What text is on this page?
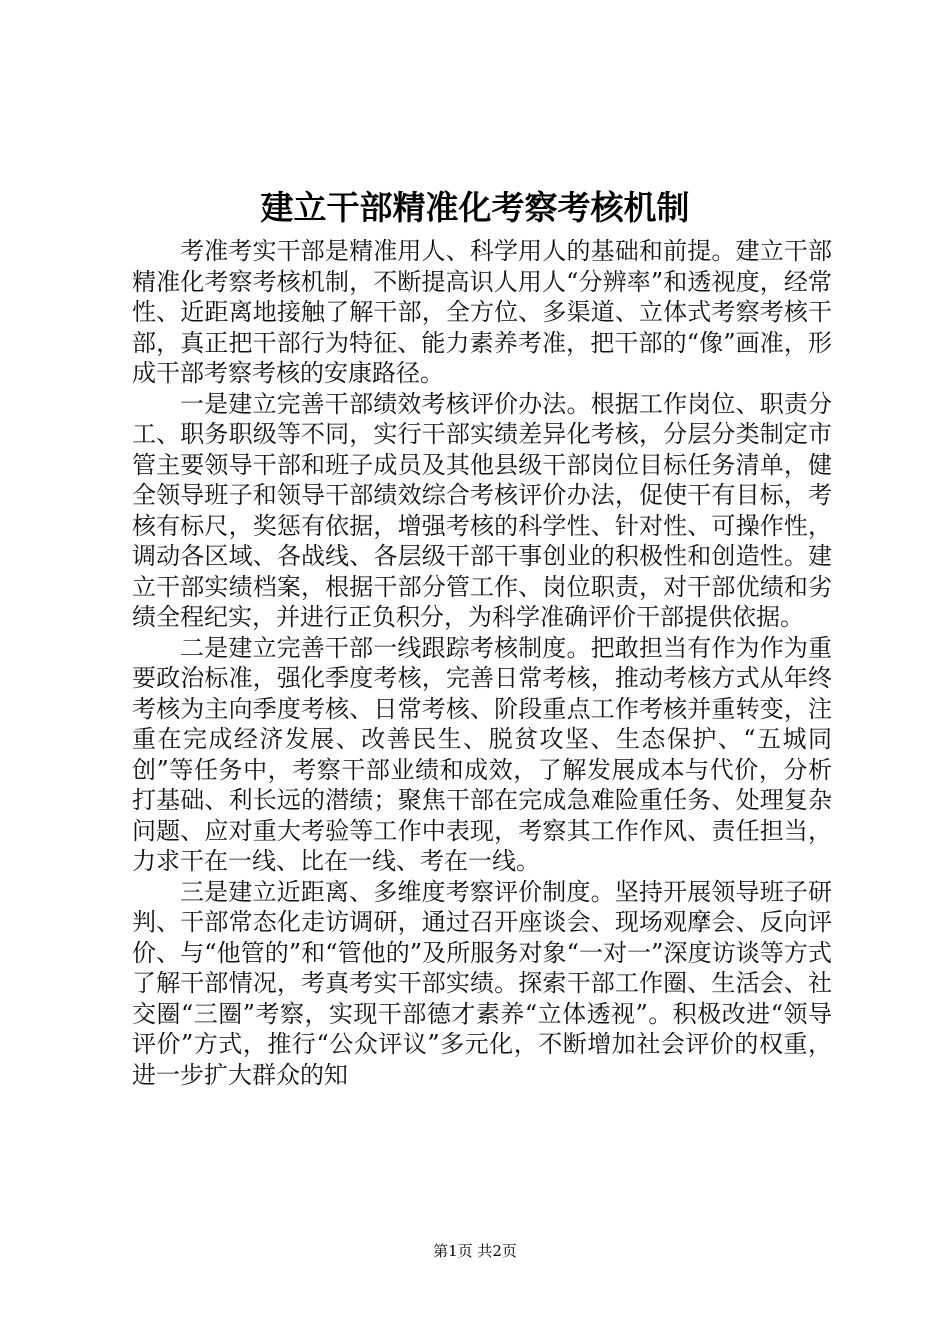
建立干部精准化考察考核机制

考准考实干部是精准用人、科学用人的基础和前提。建立干部精准化考察考核机制，不断提高识人用人“分辨率”和透视度，经常性、近距离地接触了解干部，全方位、多渠道、立体式考察考核干部，真正把干部行为特征、能力素养考准，把干部的“像”画准，形成干部考察考核的安康路径。

一是建立完善干部绩效考核评价办法。根据工作岗位、职责分工、职务职级等不同，实行干部实绩差异化考核，分层分类制定市管主要领导干部和班子成员及其他县级干部岗位目标任务清单，健全领导班子和领导干部绩效综合考核评价办法，促使干有目标，考核有标尺，奖惩有依据，增强考核的科学性、针对性、可操作性，调动各区域、各战线、各层级干部干事创业的积极性和创造性。建立干部实绩档案，根据干部分管工作、岗位职责，对干部优绩和劣绩全程纪实，并进行正负积分，为科学准确评价干部提供依据。

二是建立完善干部一线跟踪考核制度。把敢担当有作为作为重要政治标准，强化季度考核，完善日常考核，推动考核方式从年终考核为主向季度考核、日常考核、阶段重点工作考核并重转变，注重在完成经济发展、改善民生、脱贫攻坚、生态保护、“五城同创”等任务中，考察干部业绩和成效，了解发展成本与代价，分析打基础、利长远的潜绩；聚焦干部在完成急难险重任务、处理复杂问题、应对重大考验等工作中表现，考察其工作作风、责任担当，力求干在一线、比在一线、考在一线。

三是建立近距离、多维度考察评价制度。坚持开展领导班子研判、干部常态化走访调研，通过召开座谈会、现场观摩会、反向评价、与“他管的”和“管他的”及所服务对象“一对一”深度访谈等方式了解干部情况，考真考实干部实绩。探索干部工作圈、生活会、社交圈“三圈”考察，实现干部德才素养“立体透视”。积极改进“领导评价”方式，推行“公众评议”多元化，不断增加社会评价的权重，进一步扩大群众的知

第1页 共2页
